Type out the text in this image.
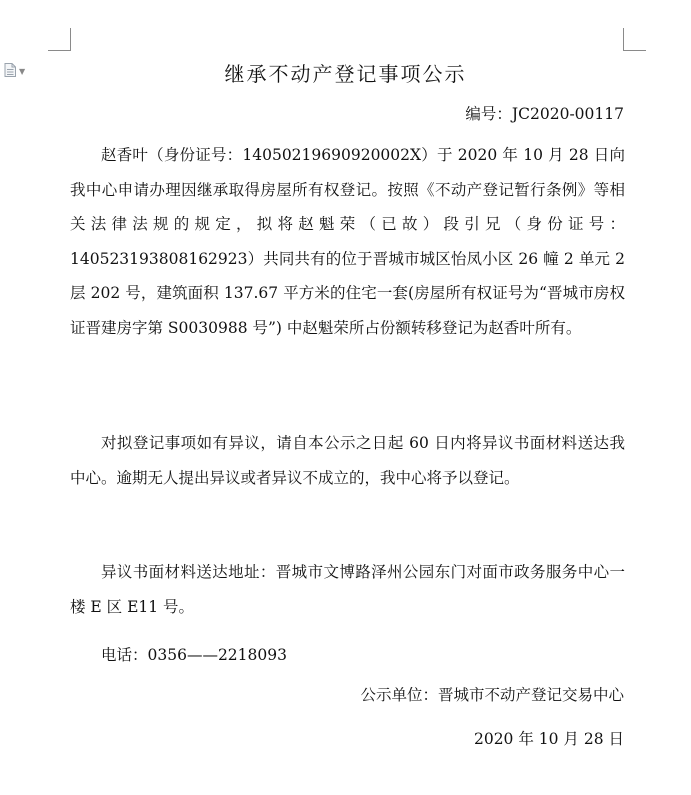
▼	继承不动产登记事项公示
编号：JC2020-00117

赵香叶（身份证号：14050219690920002X）于 2020 年 10 月 28 日向我中心申请办理因继承取得房屋所有权登记。按照《不动产登记暂行条例》等相关法律法规的规定，拟将赵魁荣（已故）段引兄（身份证号：140523193808162923）共同共有的位于晋城市城区怡凤小区 26 幢 2 单元 2 层 202 号，建筑面积 137.67 平方米的住宅一套(房屋所有权证号为“晋城市房权证晋建房字第 S0030988 号”) 中赵魁荣所占份额转移登记为赵香叶所有。

对拟登记事项如有异议，请自本公示之日起 60 日内将异议书面材料送达我中心。逾期无人提出异议或者异议不成立的，我中心将予以登记。

异议书面材料送达地址：晋城市文博路泽州公园东门对面市政务服务中心一楼 E 区 E11 号。

电话：0356——2218093

公示单位：晋城市不动产登记交易中心
2020 年 10 月 28 日
